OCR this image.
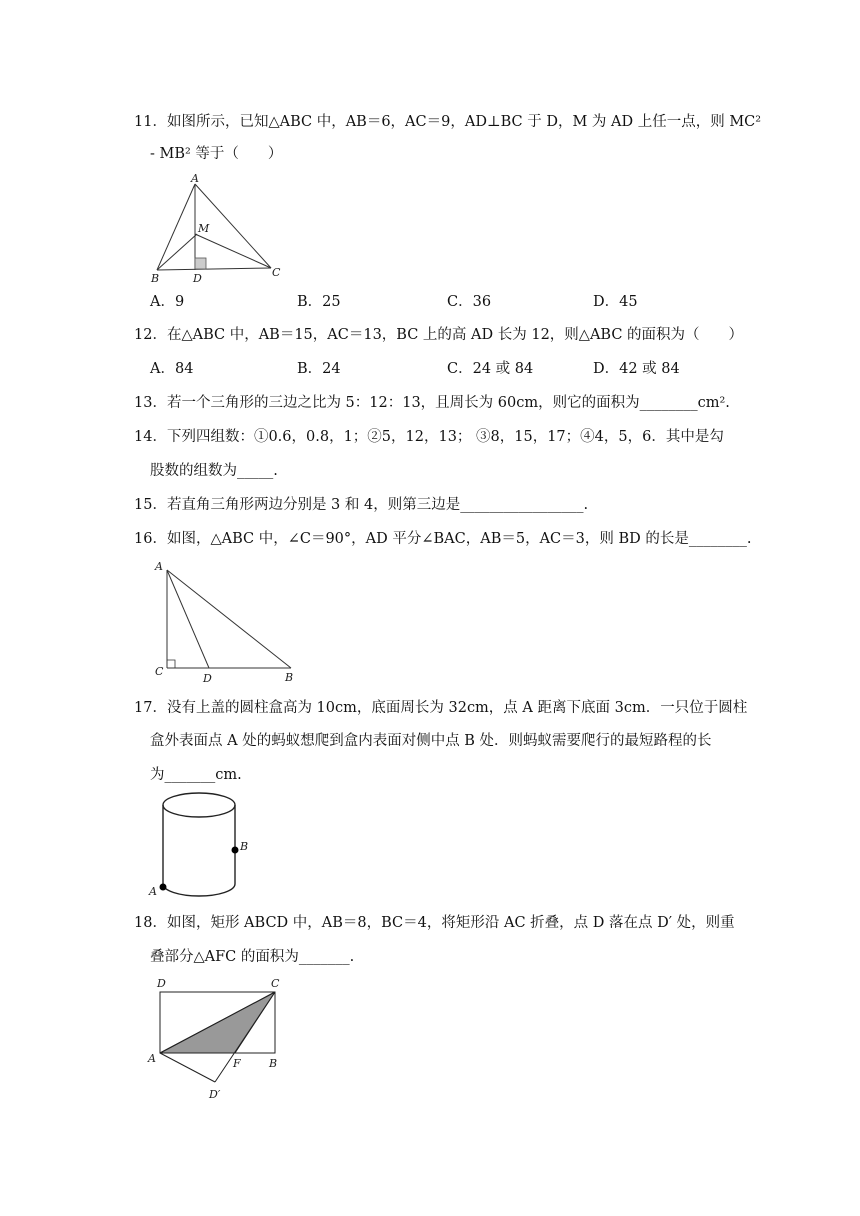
11．如图所示，已知△ABC 中，AB＝6，AC＝9，AD⊥BC 于 D，M 为 AD 上任一点，则 MC²
- MB² 等于（　　）
A
M
B	D	C
A．9	B．25	C．36	D．45
12．在△ABC 中，AB＝15，AC＝13，BC 上的高 AD 长为 12，则△ABC 的面积为（　　）
A．84	B．24	C．24 或 84	D．42 或 84
13．若一个三角形的三边之比为 5：12：13，且周长为 60cm，则它的面积为________cm².
14．下列四组数：①0.6，0.8，1；②5，12，13； ③8，15，17；④4，5，6．其中是勾
股数的组数为_____.
15．若直角三角形两边分别是 3 和 4，则第三边是_________________.
16．如图，△ABC 中，∠C＝90°，AD 平分∠BAC，AB＝5，AC＝3，则 BD 的长是________.
A
C
D	B
17．没有上盖的圆柱盒高为 10cm，底面周长为 32cm，点 A 距离下底面 3cm．一只位于圆柱
盒外表面点 A 处的蚂蚁想爬到盒内表面对侧中点 B 处．则蚂蚁需要爬行的最短路程的长
为_______cm.
A
B
18．如图，矩形 ABCD 中，AB＝8，BC＝4，将矩形沿 AC 折叠，点 D 落在点 D′ 处，则重
叠部分△AFC 的面积为_______.
D	C
A	F	B
D′
